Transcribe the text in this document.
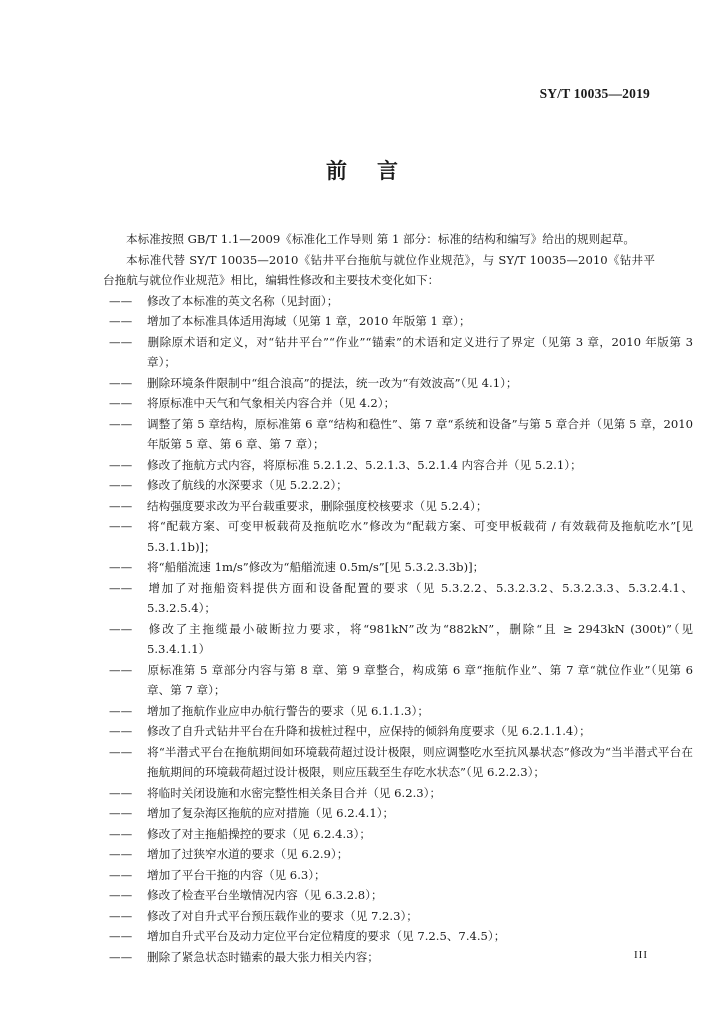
SY/T 10035—2019
前言

本标准按照 GB/T 1.1—2009《标准化工作导则 第 1 部分：标准的结构和编写》给出的规则起草。

本标准代替 SY/T 10035—2010《钻井平台拖航与就位作业规范》，与 SY/T 10035—2010《钻井平台拖航与就位作业规范》相比，编辑性修改和主要技术变化如下：

—— 修改了本标准的英文名称（见封面）；

—— 增加了本标准具体适用海域（见第 1 章，2010 年版第 1 章）；

—— 删除原术语和定义，对“钻井平台”“作业”“锚索”的术语和定义进行了界定（见第 3 章，2010 年版第 3 章）；

—— 删除环境条件限制中“组合浪高”的提法，统一改为“有效波高”（见 4.1）；

—— 将原标准中天气和气象相关内容合并（见 4.2）；

—— 调整了第 5 章结构，原标准第 6 章“结构和稳性”、第 7 章“系统和设备”与第 5 章合并（见第 5 章，2010 年版第 5 章、第 6 章、第 7 章）；

—— 修改了拖航方式内容，将原标准 5.2.1.2、5.2.1.3、5.2.1.4 内容合并（见 5.2.1）；

—— 修改了航线的水深要求（见 5.2.2.2）；

—— 结构强度要求改为平台载重要求，删除强度校核要求（见 5.2.4）；

—— 将“配载方案、可变甲板载荷及拖航吃水”修改为“配载方案、可变甲板载荷 / 有效载荷及拖航吃水”[见 5.3.1.1b)]；

—— 将“船艏流速 1m/s”修改为“船艏流速 0.5m/s”[见 5.3.2.3.3b)]；

—— 增加了对拖船资料提供方面和设备配置的要求（见 5.3.2.2、5.3.2.3.2、5.3.2.3.3、5.3.2.4.1、5.3.2.5.4）；

—— 修改了主拖缆最小破断拉力要求，将“981kN”改为“882kN”，删除“且 ≥ 2943kN (300t)”（见 5.3.4.1.1）

—— 原标准第 5 章部分内容与第 8 章、第 9 章整合，构成第 6 章“拖航作业”、第 7 章“就位作业”（见第 6 章、第 7 章）；

—— 增加了拖航作业应申办航行警告的要求（见 6.1.1.3）；

—— 修改了自升式钻井平台在升降和拔桩过程中，应保持的倾斜角度要求（见 6.2.1.1.4）；

—— 将“半潜式平台在拖航期间如环境载荷超过设计极限，则应调整吃水至抗风暴状态”修改为“当半潜式平台在拖航期间的环境载荷超过设计极限，则应压载至生存吃水状态”（见 6.2.2.3）；

—— 将临时关闭设施和水密完整性相关条目合并（见 6.2.3）；

—— 增加了复杂海区拖航的应对措施（见 6.2.4.1）；

—— 修改了对主拖船操控的要求（见 6.2.4.3）；

—— 增加了过狭窄水道的要求（见 6.2.9）；

—— 增加了平台干拖的内容（见 6.3）；

—— 修改了检查平台坐墩情况内容（见 6.3.2.8）；

—— 修改了对自升式平台预压载作业的要求（见 7.2.3）；

—— 增加自升式平台及动力定位平台定位精度的要求（见 7.2.5、7.4.5）；

—— 删除了紧急状态时锚索的最大张力相关内容；	III
